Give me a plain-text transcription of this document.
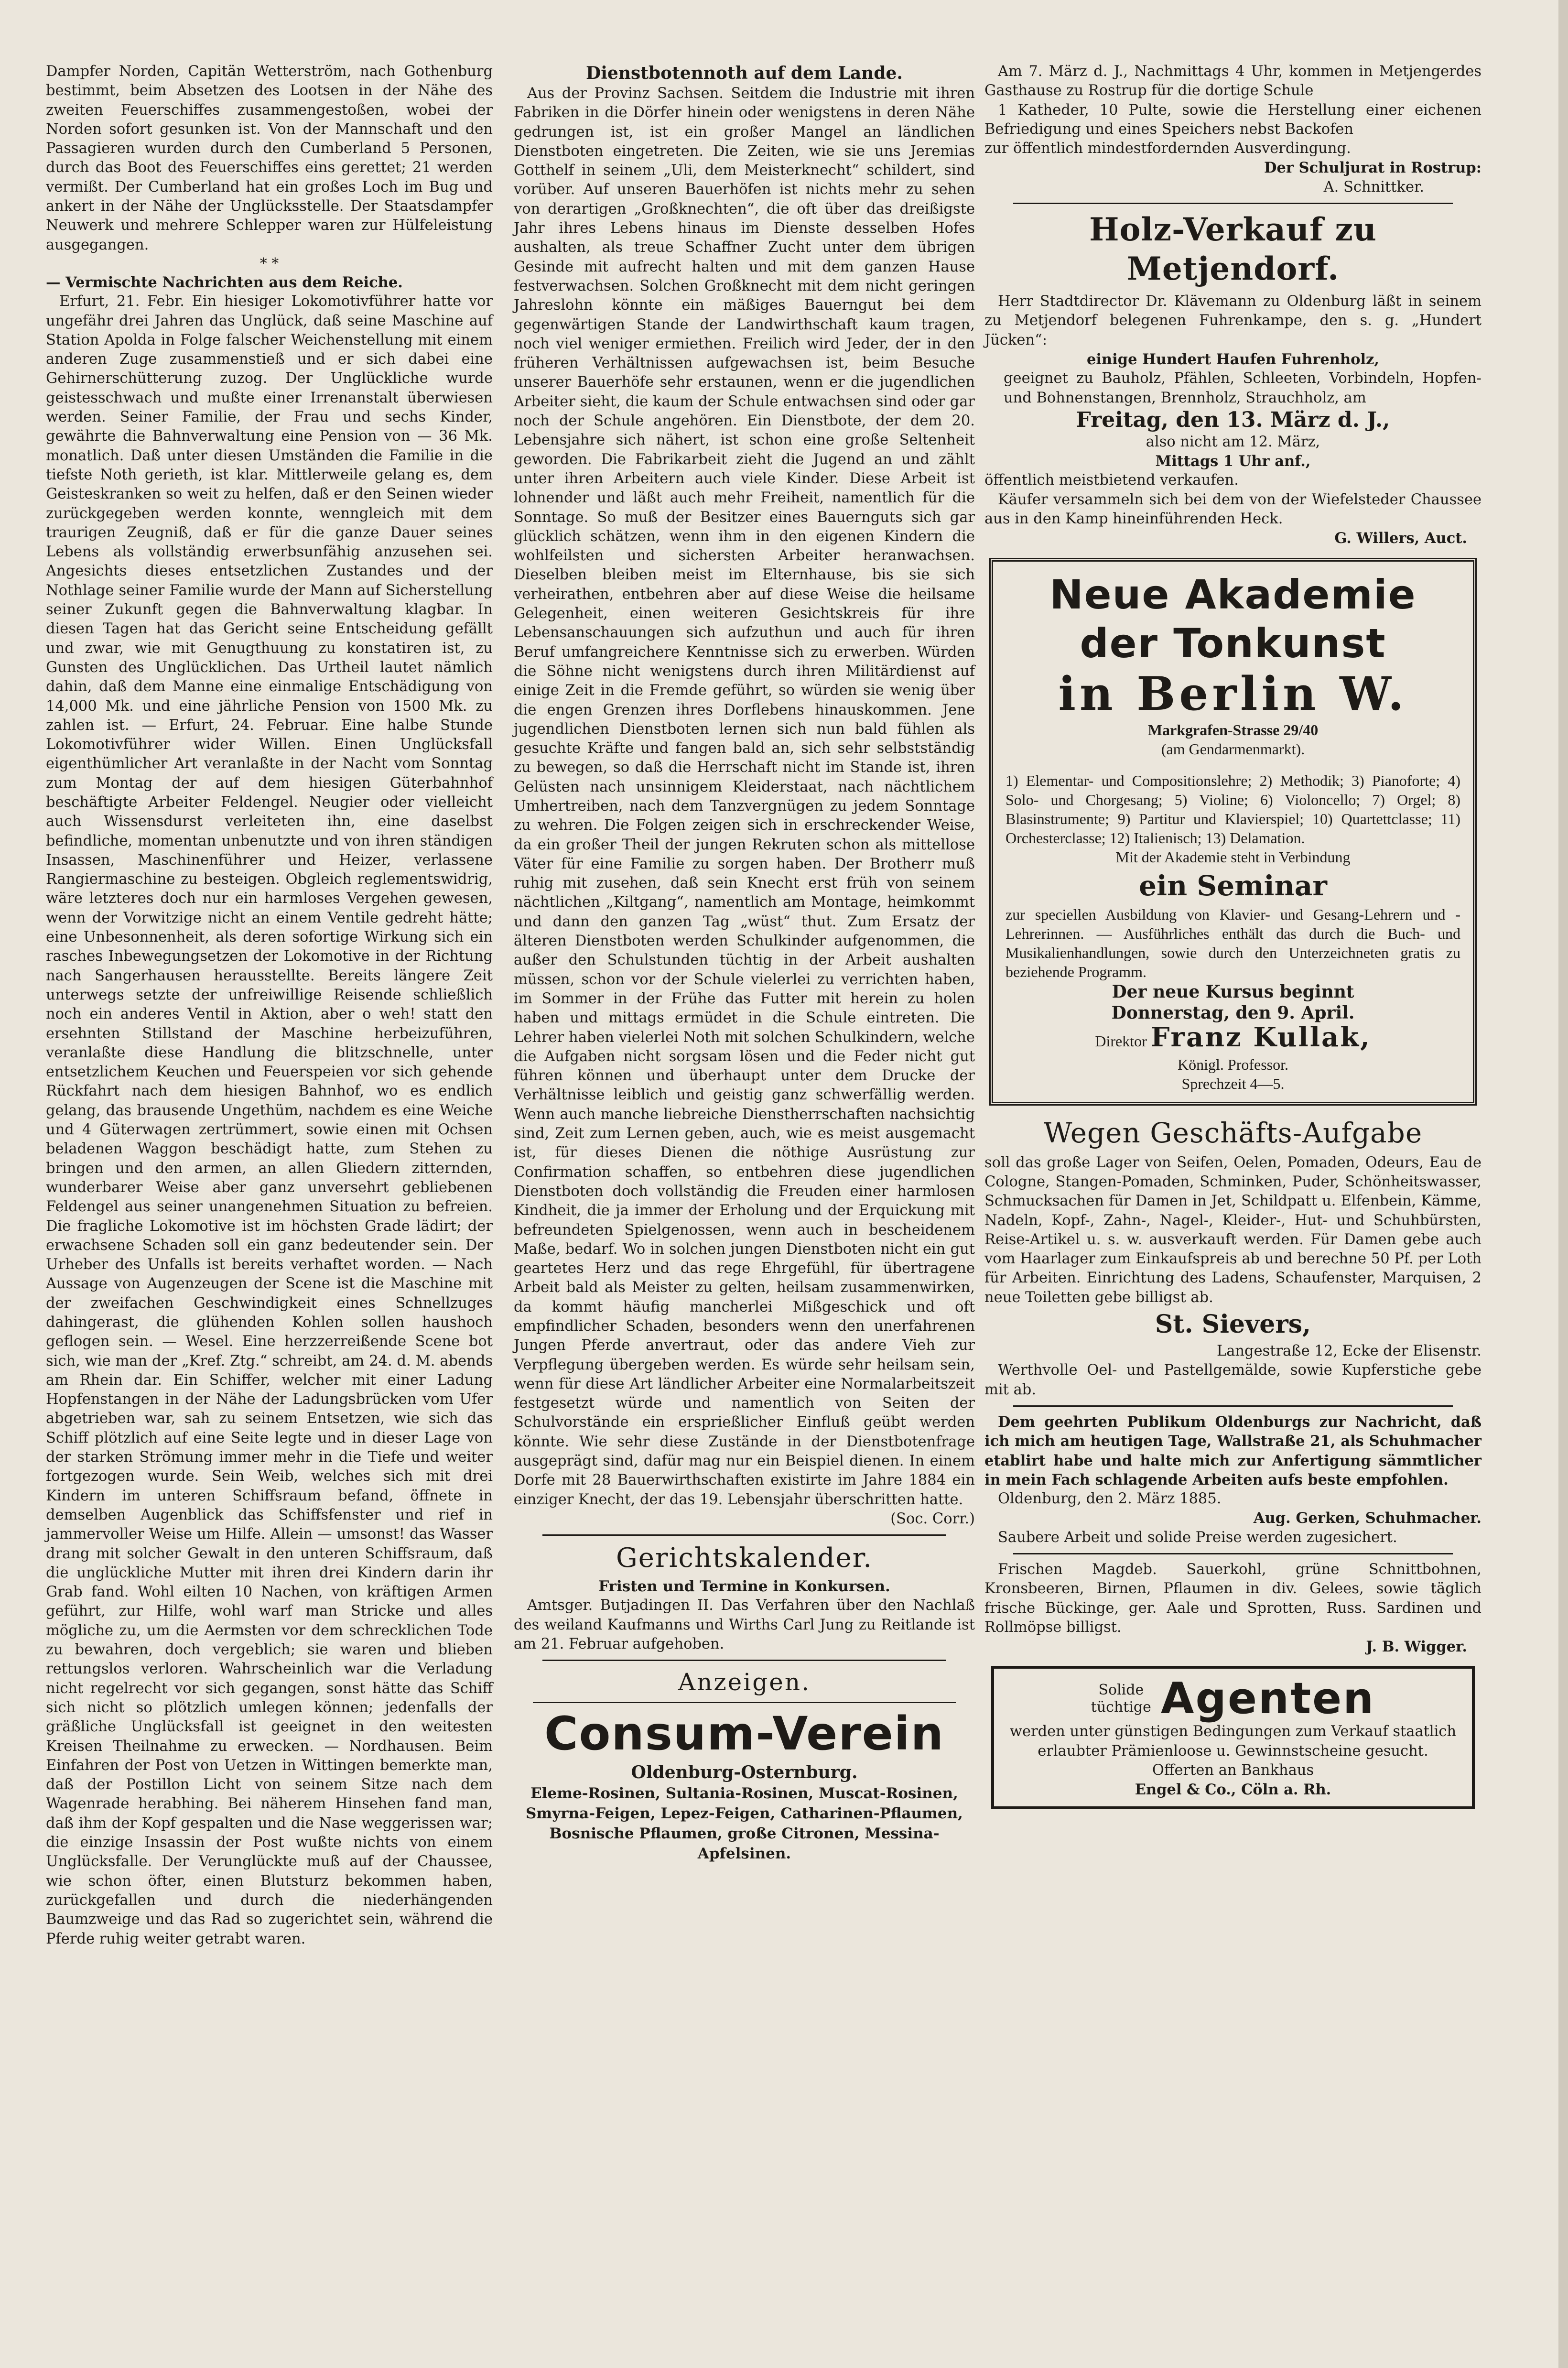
Dampfer Norden, Capitän Wetterström, nach Gothenburg bestimmt, beim Absetzen des Lootsen in der Nähe des zweiten Feuerschiffes zusammengestoßen, wobei der Norden sofort gesunken ist. Von der Mannschaft und den Passagieren wurden durch den Cumberland 5 Personen, durch das Boot des Feuerschiffes eins gerettet; 21 werden vermißt. Der Cumberland hat ein großes Loch im Bug und ankert in der Nähe der Unglücksstelle. Der Staatsdampfer Neuwerk und mehrere Schlepper waren zur Hülfeleistung ausgegangen.

* *

— Vermischte Nachrichten aus dem Reiche.

Erfurt, 21. Febr. Ein hiesiger Lokomotivführer hatte vor ungefähr drei Jahren das Unglück, daß seine Maschine auf Station Apolda in Folge falscher Weichenstellung mit einem anderen Zuge zusammenstieß und er sich dabei eine Gehirnerschütterung zuzog. Der Unglückliche wurde geistesschwach und mußte einer Irrenanstalt überwiesen werden. Seiner Familie, der Frau und sechs Kinder, gewährte die Bahnverwaltung eine Pension von — 36 Mk. monatlich. Daß unter diesen Umständen die Familie in die tiefste Noth gerieth, ist klar. Mittlerweile gelang es, dem Geisteskranken so weit zu helfen, daß er den Seinen wieder zurückgegeben werden konnte, wenngleich mit dem traurigen Zeugniß, daß er für die ganze Dauer seines Lebens als vollständig erwerbsunfähig anzusehen sei. Angesichts dieses entsetzlichen Zustandes und der Nothlage seiner Familie wurde der Mann auf Sicherstellung seiner Zukunft gegen die Bahnverwaltung klagbar. In diesen Tagen hat das Gericht seine Entscheidung gefällt und zwar, wie mit Genugthuung zu konstatiren ist, zu Gunsten des Unglücklichen. Das Urtheil lautet nämlich dahin, daß dem Manne eine einmalige Entschädigung von 14,000 Mk. und eine jährliche Pension von 1500 Mk. zu zahlen ist. — Erfurt, 24. Februar. Eine halbe Stunde Lokomotivführer wider Willen. Einen Unglücksfall eigenthümlicher Art veranlaßte in der Nacht vom Sonntag zum Montag der auf dem hiesigen Güterbahnhof beschäftigte Arbeiter Feldengel. Neugier oder vielleicht auch Wissensdurst verleiteten ihn, eine daselbst befindliche, momentan unbenutzte und von ihren ständigen Insassen, Maschinenführer und Heizer, verlassene Rangiermaschine zu besteigen. Obgleich reglementswidrig, wäre letzteres doch nur ein harmloses Vergehen gewesen, wenn der Vorwitzige nicht an einem Ventile gedreht hätte; eine Unbesonnenheit, als deren sofortige Wirkung sich ein rasches Inbewegungsetzen der Lokomotive in der Richtung nach Sangerhausen herausstellte. Bereits längere Zeit unterwegs setzte der unfreiwillige Reisende schließlich noch ein anderes Ventil in Aktion, aber o weh! statt den ersehnten Stillstand der Maschine herbeizuführen, veranlaßte diese Handlung die blitzschnelle, unter entsetzlichem Keuchen und Feuerspeien vor sich gehende Rückfahrt nach dem hiesigen Bahnhof, wo es endlich gelang, das brausende Ungethüm, nachdem es eine Weiche und 4 Güterwagen zertrümmert, sowie einen mit Ochsen beladenen Waggon beschädigt hatte, zum Stehen zu bringen und den armen, an allen Gliedern zitternden, wunderbarer Weise aber ganz unversehrt gebliebenen Feldengel aus seiner unangenehmen Situation zu befreien. Die fragliche Lokomotive ist im höchsten Grade lädirt; der erwachsene Schaden soll ein ganz bedeutender sein. Der Urheber des Unfalls ist bereits verhaftet worden. — Nach Aussage von Augenzeugen der Scene ist die Maschine mit der zweifachen Geschwindigkeit eines Schnellzuges dahingerast, die glühenden Kohlen sollen haushoch geflogen sein. — Wesel. Eine herzzerreißende Scene bot sich, wie man der „Kref. Ztg.“ schreibt, am 24. d. M. abends am Rhein dar. Ein Schiffer, welcher mit einer Ladung Hopfenstangen in der Nähe der Ladungsbrücken vom Ufer abgetrieben war, sah zu seinem Entsetzen, wie sich das Schiff plötzlich auf eine Seite legte und in dieser Lage von der starken Strömung immer mehr in die Tiefe und weiter fortgezogen wurde. Sein Weib, welches sich mit drei Kindern im unteren Schiffsraum befand, öffnete in demselben Augenblick das Schiffsfenster und rief in jammervoller Weise um Hilfe. Allein — umsonst! das Wasser drang mit solcher Gewalt in den unteren Schiffsraum, daß die unglückliche Mutter mit ihren drei Kindern darin ihr Grab fand. Wohl eilten 10 Nachen, von kräftigen Armen geführt, zur Hilfe, wohl warf man Stricke und alles mögliche zu, um die Aermsten vor dem schrecklichen Tode zu bewahren, doch vergeblich; sie waren und blieben rettungslos verloren. Wahrscheinlich war die Verladung nicht regelrecht vor sich gegangen, sonst hätte das Schiff sich nicht so plötzlich umlegen können; jedenfalls der gräßliche Unglücksfall ist geeignet in den weitesten Kreisen Theilnahme zu erwecken. — Nordhausen. Beim Einfahren der Post von Uetzen in Wittingen bemerkte man, daß der Postillon Licht von seinem Sitze nach dem Wagenrade herabhing. Bei näherem Hinsehen fand man, daß ihm der Kopf gespalten und die Nase weggerissen war; die einzige Insassin der Post wußte nichts von einem Unglücksfalle. Der Verunglückte muß auf der Chaussee, wie schon öfter, einen Blutsturz bekommen haben, zurückgefallen und durch die niederhängenden Baumzweige und das Rad so zugerichtet sein, während die Pferde ruhig weiter getrabt waren.

Dienstbotennoth auf dem Lande.

Aus der Provinz Sachsen. Seitdem die Industrie mit ihren Fabriken in die Dörfer hinein oder wenigstens in deren Nähe gedrungen ist, ist ein großer Mangel an ländlichen Dienstboten eingetreten. Die Zeiten, wie sie uns Jeremias Gotthelf in seinem „Uli, dem Meisterknecht“ schildert, sind vorüber. Auf unseren Bauerhöfen ist nichts mehr zu sehen von derartigen „Großknechten“, die oft über das dreißigste Jahr ihres Lebens hinaus im Dienste desselben Hofes aushalten, als treue Schaffner Zucht unter dem übrigen Gesinde mit aufrecht halten und mit dem ganzen Hause festverwachsen. Solchen Großknecht mit dem nicht geringen Jahreslohn könnte ein mäßiges Bauerngut bei dem gegenwärtigen Stande der Landwirthschaft kaum tragen, noch viel weniger ermiethen. Freilich wird Jeder, der in den früheren Verhältnissen aufgewachsen ist, beim Besuche unserer Bauerhöfe sehr erstaunen, wenn er die jugendlichen Arbeiter sieht, die kaum der Schule entwachsen sind oder gar noch der Schule angehören. Ein Dienstbote, der dem 20. Lebensjahre sich nähert, ist schon eine große Seltenheit geworden. Die Fabrikarbeit zieht die Jugend an und zählt unter ihren Arbeitern auch viele Kinder. Diese Arbeit ist lohnender und läßt auch mehr Freiheit, namentlich für die Sonntage. So muß der Besitzer eines Bauernguts sich gar glücklich schätzen, wenn ihm in den eigenen Kindern die wohlfeilsten und sichersten Arbeiter heranwachsen. Dieselben bleiben meist im Elternhause, bis sie sich verheirathen, entbehren aber auf diese Weise die heilsame Gelegenheit, einen weiteren Gesichtskreis für ihre Lebensanschauungen sich aufzuthun und auch für ihren Beruf umfangreichere Kenntnisse sich zu erwerben. Würden die Söhne nicht wenigstens durch ihren Militärdienst auf einige Zeit in die Fremde geführt, so würden sie wenig über die engen Grenzen ihres Dorflebens hinauskommen. Jene jugendlichen Dienstboten lernen sich nun bald fühlen als gesuchte Kräfte und fangen bald an, sich sehr selbstständig zu bewegen, so daß die Herrschaft nicht im Stande ist, ihren Gelüsten nach unsinnigem Kleiderstaat, nach nächtlichem Umhertreiben, nach dem Tanzvergnügen zu jedem Sonntage zu wehren. Die Folgen zeigen sich in erschreckender Weise, da ein großer Theil der jungen Rekruten schon als mittellose Väter für eine Familie zu sorgen haben. Der Brotherr muß ruhig mit zusehen, daß sein Knecht erst früh von seinem nächtlichen „Kiltgang“, namentlich am Montage, heimkommt und dann den ganzen Tag „wüst“ thut. Zum Ersatz der älteren Dienstboten werden Schulkinder aufgenommen, die außer den Schulstunden tüchtig in der Arbeit aushalten müssen, schon vor der Schule vielerlei zu verrichten haben, im Sommer in der Frühe das Futter mit herein zu holen haben und mittags ermüdet in die Schule eintreten. Die Lehrer haben vielerlei Noth mit solchen Schulkindern, welche die Aufgaben nicht sorgsam lösen und die Feder nicht gut führen können und überhaupt unter dem Drucke der Verhältnisse leiblich und geistig ganz schwerfällig werden. Wenn auch manche liebreiche Dienstherrschaften nachsichtig sind, Zeit zum Lernen geben, auch, wie es meist ausgemacht ist, für dieses Dienen die nöthige Ausrüstung zur Confirmation schaffen, so entbehren diese jugendlichen Dienstboten doch vollständig die Freuden einer harmlosen Kindheit, die ja immer der Erholung und der Erquickung mit befreundeten Spielgenossen, wenn auch in bescheidenem Maße, bedarf. Wo in solchen jungen Dienstboten nicht ein gut geartetes Herz und das rege Ehrgefühl, für übertragene Arbeit bald als Meister zu gelten, heilsam zusammenwirken, da kommt häufig mancherlei Mißgeschick und oft empfindlicher Schaden, besonders wenn den unerfahrenen Jungen Pferde anvertraut, oder das andere Vieh zur Verpflegung übergeben werden. Es würde sehr heilsam sein, wenn für diese Art ländlicher Arbeiter eine Normalarbeitszeit festgesetzt würde und namentlich von Seiten der Schulvorstände ein ersprießlicher Einfluß geübt werden könnte. Wie sehr diese Zustände in der Dienstbotenfrage ausgeprägt sind, dafür mag nur ein Beispiel dienen. In einem Dorfe mit 28 Bauerwirthschaften existirte im Jahre 1884 ein einziger Knecht, der das 19. Lebensjahr überschritten hatte.

(Soc. Corr.)

Gerichtskalender.

Fristen und Termine in Konkursen.

Amtsger. Butjadingen II. Das Verfahren über den Nachlaß des weiland Kaufmanns und Wirths Carl Jung zu Reitlande ist am 21. Februar aufgehoben.

Anzeigen.

Consum-Verein

Oldenburg-Osternburg.

Eleme-Rosinen, Sultania-Rosinen, Muscat-Rosinen, Smyrna-Feigen, Lepez-Feigen, Catharinen-Pflaumen, Bosnische Pflaumen, große Citronen, Messina-Apfelsinen.

Am 7. März d. J., Nachmittags 4 Uhr, kommen in Metjengerdes Gasthause zu Rostrup für die dortige Schule

1 Katheder, 10 Pulte, sowie die Herstellung einer eichenen Befriedigung und eines Speichers nebst Backofen

zur öffentlich mindestfordernden Ausverdingung.

Der Schuljurat in Rostrup:

A. Schnittker.

Holz-Verkauf zu Metjendorf.

Herr Stadtdirector Dr. Klävemann zu Oldenburg läßt in seinem zu Metjendorf belegenen Fuhrenkampe, den s. g. „Hundert Jücken“:

einige Hundert Haufen Fuhrenholz,

geeignet zu Bauholz, Pfählen, Schleeten, Vorbindeln, Hopfen- und Bohnenstangen, Brennholz, Strauchholz, am

Freitag, den 13. März d. J.,

also nicht am 12. März,

Mittags 1 Uhr anf.,

öffentlich meistbietend verkaufen.

Käufer versammeln sich bei dem von der Wiefelsteder Chaussee aus in den Kamp hineinführenden Heck.

G. Willers, Auct.

Neue Akademie

der Tonkunst

in Berlin W.

Markgrafen-Strasse 29/40

(am Gendarmenmarkt).

1) Elementar- und Compositionslehre; 2) Methodik; 3) Pianoforte; 4) Solo- und Chorgesang; 5) Violine; 6) Violoncello; 7) Orgel; 8) Blasinstrumente; 9) Partitur und Klavierspiel; 10) Quartettclasse; 11) Orchesterclasse; 12) Italienisch; 13) Delamation.

Mit der Akademie steht in Verbindung

ein Seminar

zur speciellen Ausbildung von Klavier- und Gesang-Lehrern und -Lehrerinnen. — Ausführliches enthält das durch die Buch- und Musikalienhandlungen, sowie durch den Unterzeichneten gratis zu beziehende Programm.

Der neue Kursus beginnt

Donnerstag, den 9. April.

Direktor Franz Kullak,

Königl. Professor.

Sprechzeit 4—5.

Wegen Geschäfts-Aufgabe

soll das große Lager von Seifen, Oelen, Pomaden, Odeurs, Eau de Cologne, Stangen-Pomaden, Schminken, Puder, Schönheitswasser, Schmucksachen für Damen in Jet, Schildpatt u. Elfenbein, Kämme, Nadeln, Kopf-, Zahn-, Nagel-, Kleider-, Hut- und Schuhbürsten, Reise-Artikel u. s. w. ausverkauft werden. Für Damen gebe auch vom Haarlager zum Einkaufspreis ab und berechne 50 Pf. per Loth für Arbeiten. Einrichtung des Ladens, Schaufenster, Marquisen, 2 neue Toiletten gebe billigst ab.

St. Sievers,

Langestraße 12, Ecke der Elisenstr.

Werthvolle Oel- und Pastellgemälde, sowie Kupferstiche gebe mit ab.

Dem geehrten Publikum Oldenburgs zur Nachricht, daß ich mich am heutigen Tage, Wallstraße 21, als Schuhmacher etablirt habe und halte mich zur Anfertigung sämmtlicher in mein Fach schlagende Arbeiten aufs beste empfohlen.

Oldenburg, den 2. März 1885.

Aug. Gerken, Schuhmacher.

Saubere Arbeit und solide Preise werden zugesichert.

Frischen Magdeb. Sauerkohl, grüne Schnittbohnen, Kronsbeeren, Birnen, Pflaumen in div. Gelees, sowie täglich frische Bückinge, ger. Aale und Sprotten, Russ. Sardinen und Rollmöpse billigst.

J. B. Wigger.

Solide
tüchtige Agenten

werden unter günstigen Bedingungen zum Verkauf staatlich erlaubter Prämienloose u. Gewinnstscheine gesucht.

Offerten an Bankhaus

Engel & Co., Cöln a. Rh.
